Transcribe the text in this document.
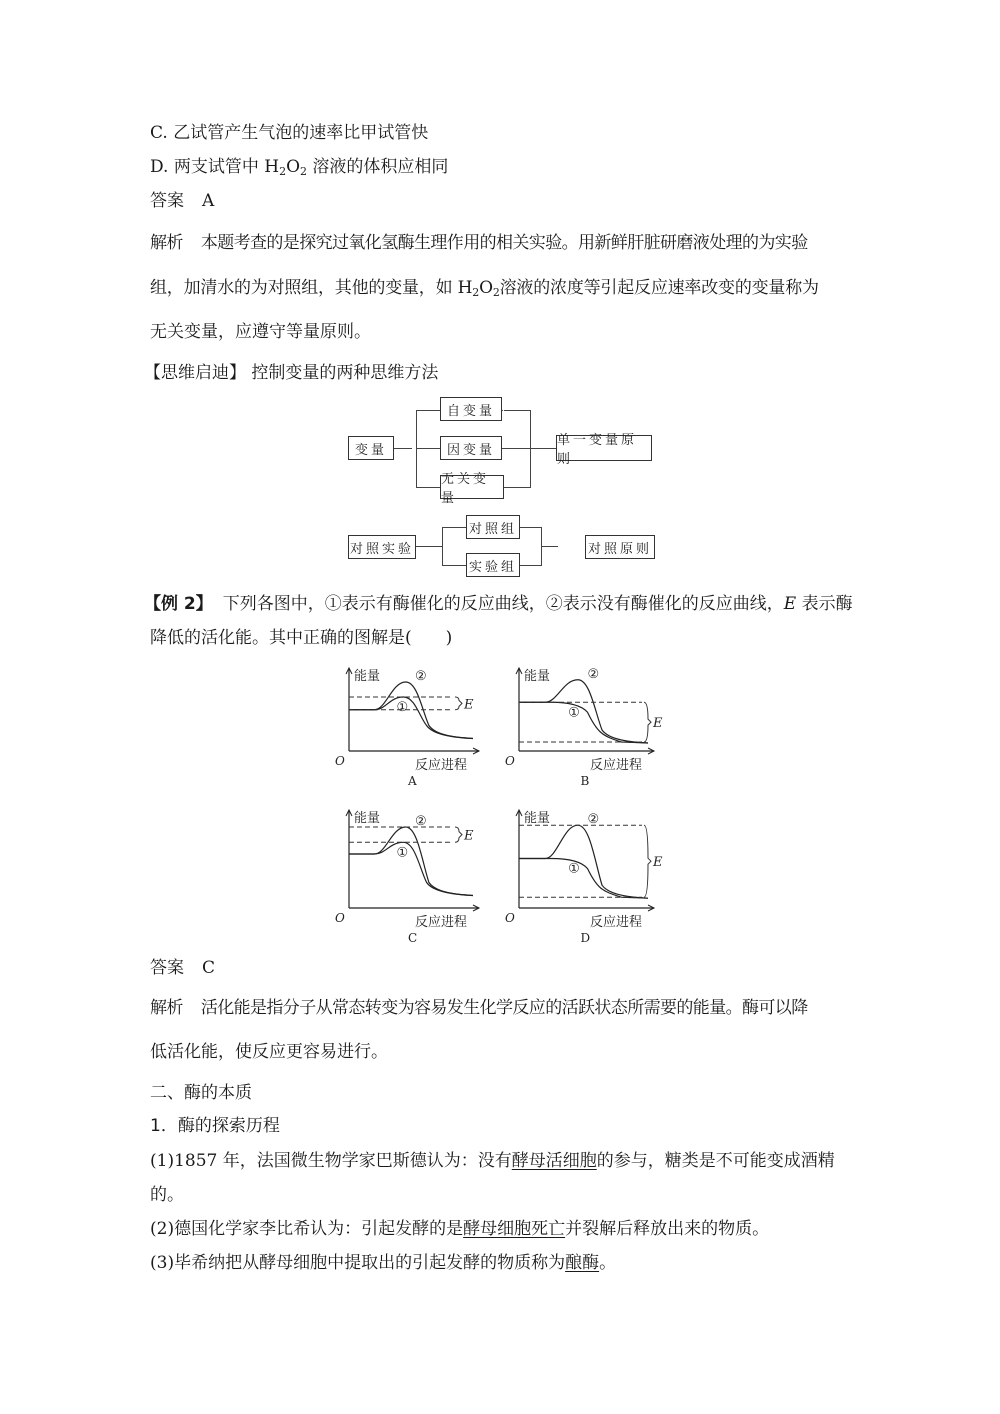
C. 乙试管产生气泡的速率比甲试管快
D. 两支试管中 $H_2O_2$ 溶液的体积应相同
答案 A
解析 本题考查的是探究过氧化氢酶生理作用的相关实验。用新鲜肝脏研磨液处理的为实验
组，加清水的为对照组，其他的变量，如 $H_2O_2$溶液的浓度等引起反应速率改变的变量称为
无关变量，应遵守等量原则。
【思维启迪】 控制变量的两种思维方法
变量
自变量
因变量
无关变量
单一变量原则
对照实验
对照组
实验组
对照原则
【例 2】 下列各图中，①表示有酶催化的反应曲线，②表示没有酶催化的反应曲线，E 表示酶
降低的活化能。其中正确的图解是(　　)
能量
O	反应进程
A
E
②
①
能量
O	反应进程
B
E
②
①
能量
O	反应进程
C
E
②
①
能量
O	反应进程
D
E
②
①
答案 C
解析 活化能是指分子从常态转变为容易发生化学反应的活跃状态所需要的能量。酶可以降
低活化能，使反应更容易进行。
二、酶的本质
1．酶的探索历程
(1)1857 年，法国微生物学家巴斯德认为：没有酵母活细胞的参与，糖类是不可能变成酒精
的。
(2)德国化学家李比希认为：引起发酵的是酵母细胞死亡并裂解后释放出来的物质。
(3)毕希纳把从酵母细胞中提取出的引起发酵的物质称为酿酶。
